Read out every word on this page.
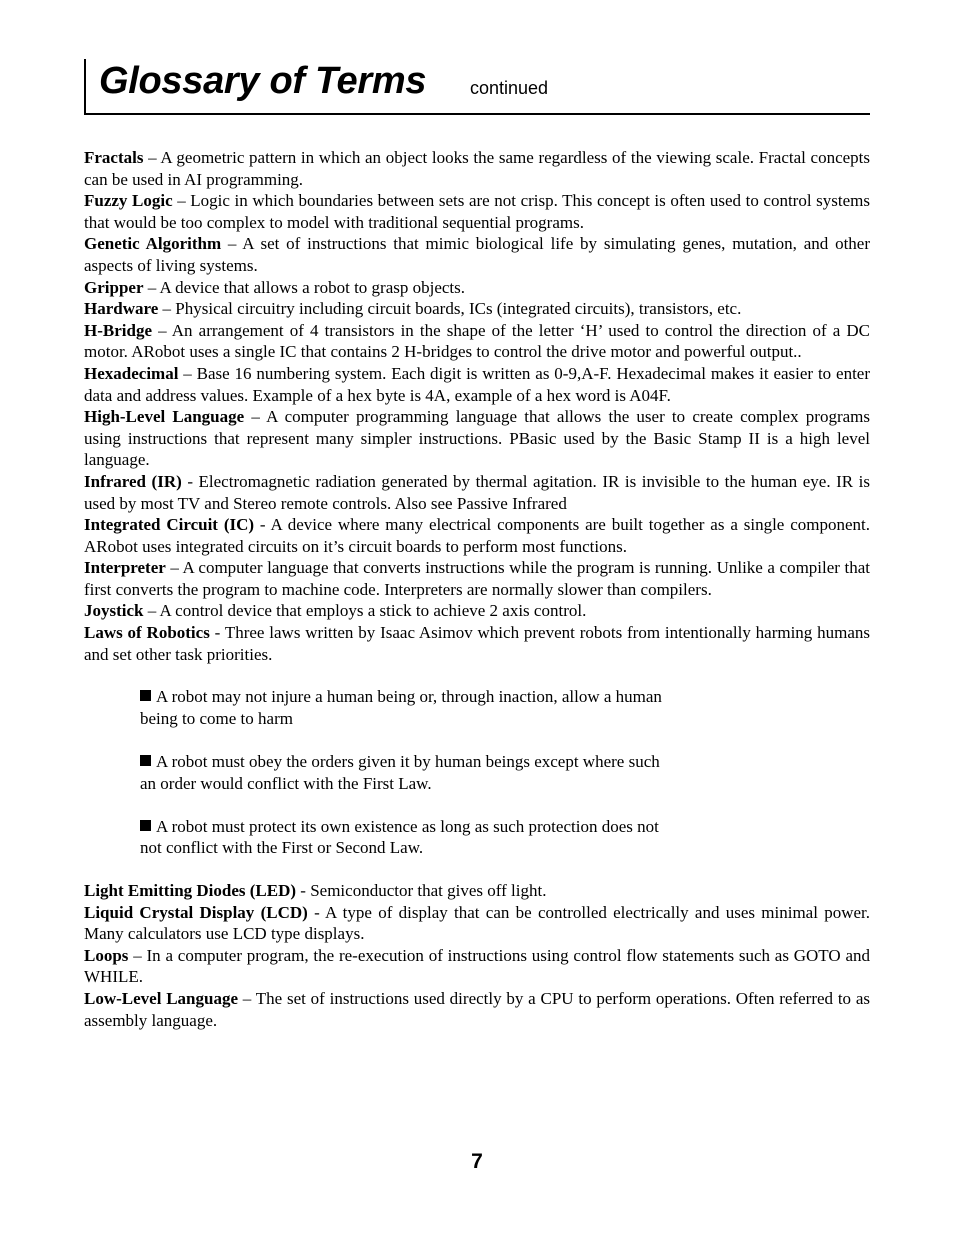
Glossary of Terms continued

Fractals – A geometric pattern in which an object looks the same regardless of the viewing scale. Fractal concepts can be used in AI programming.

Fuzzy Logic – Logic in which boundaries between sets are not crisp. This concept is often used to control systems that would be too complex to model with traditional sequential programs.

Genetic Algorithm – A set of instructions that mimic biological life by simulating genes, mutation, and other aspects of living systems.

Gripper – A device that allows a robot to grasp objects.

Hardware – Physical circuitry including circuit boards, ICs (integrated circuits), transistors, etc.

H-Bridge – An arrangement of 4 transistors in the shape of the letter ‘H’ used to control the direction of a DC motor. ARobot uses a single IC that contains 2 H-bridges to control the drive motor and powerful output..

Hexadecimal – Base 16 numbering system. Each digit is written as 0-9,A-F. Hexadecimal makes it easier to enter data and address values. Example of a hex byte is 4A, example of a hex word is A04F.

High-Level Language – A computer programming language that allows the user to create complex programs using instructions that represent many simpler instructions. PBasic used by the Basic Stamp II is a high level language.

Infrared (IR) - Electromagnetic radiation generated by thermal agitation. IR is invisible to the human eye. IR is used by most TV and Stereo remote controls. Also see Passive Infrared

Integrated Circuit (IC) - A device where many electrical components are built together as a single component. ARobot uses integrated circuits on it’s circuit boards to perform most functions.

Interpreter – A computer language that converts instructions while the program is running. Unlike a compiler that first converts the program to machine code. Interpreters are normally slower than compilers.

Joystick – A control device that employs a stick to achieve 2 axis control.

Laws of Robotics - Three laws written by Isaac Asimov which prevent robots from intentionally harming humans and set other task priorities.

A robot may not injure a human being or, through inaction, allow a human
being to come to harm
A robot must obey the orders given it by human beings except where such
an order would conflict with the First Law.
A robot must protect its own existence as long as such protection does not
not conflict with the First or Second Law.

Light Emitting Diodes (LED) - Semiconductor that gives off light.

Liquid Crystal Display (LCD) - A type of display that can be controlled electrically and uses minimal power. Many calculators use LCD type displays.

Loops – In a computer program, the re-execution of instructions using control flow statements such as GOTO and WHILE.

Low-Level Language – The set of instructions used directly by a CPU to perform operations. Often referred to as assembly language.

7
